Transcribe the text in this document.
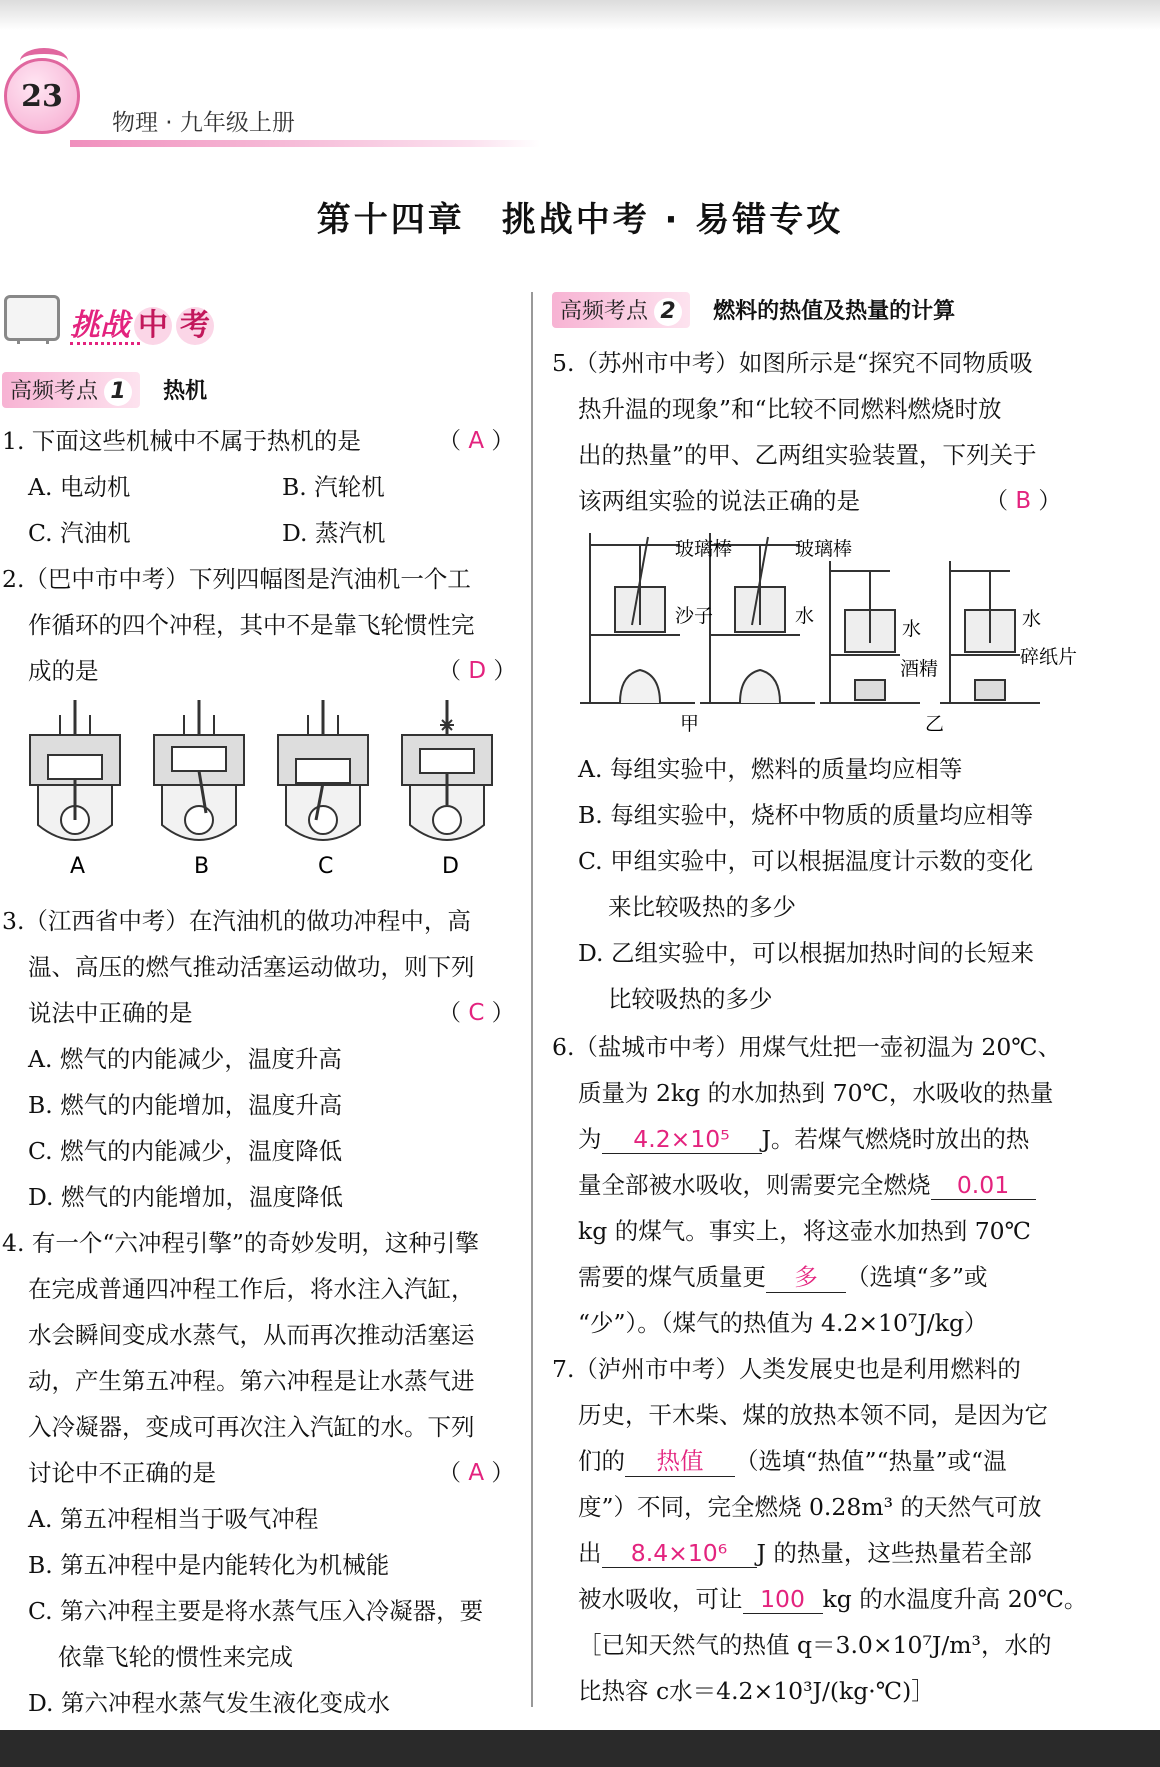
23
物理 · 九年级上册
第十四章　挑战中考 · 易错专攻
挑战 中 考
高频考点 1 热机
1. 下面这些机械中不属于热机的是	（ A ）
A. 电动机	B. 汽轮机
C. 汽油机	D. 蒸汽机
2.（巴中市中考）下列四幅图是汽油机一个工
作循环的四个冲程，其中不是靠飞轮惯性完
成的是	（ D ）
A	B	C	D
3.（江西省中考）在汽油机的做功冲程中，高
温、高压的燃气推动活塞运动做功，则下列
说法中正确的是	（ C ）
A. 燃气的内能减少，温度升高
B. 燃气的内能增加，温度升高
C. 燃气的内能减少，温度降低
D. 燃气的内能增加，温度降低
4. 有一个“六冲程引擎”的奇妙发明，这种引擎
在完成普通四冲程工作后，将水注入汽缸，
水会瞬间变成水蒸气，从而再次推动活塞运
动，产生第五冲程。第六冲程是让水蒸气进
入冷凝器，变成可再次注入汽缸的水。下列
讨论中不正确的是	（ A ）
A. 第五冲程相当于吸气冲程
B. 第五冲程中是内能转化为机械能
C. 第六冲程主要是将水蒸气压入冷凝器，要
依靠飞轮的惯性来完成
D. 第六冲程水蒸气发生液化变成水
高频考点 2 燃料的热值及热量的计算
5.（苏州市中考）如图所示是“探究不同物质吸
热升温的现象”和“比较不同燃料燃烧时放
出的热量”的甲、乙两组实验装置，下列关于
该两组实验的说法正确的是	（ B ）
玻璃棒
沙子
玻璃棒
水
水
酒精
水
碎纸片
甲	乙
A. 每组实验中，燃料的质量均应相等
B. 每组实验中，烧杯中物质的质量均应相等
C. 甲组实验中，可以根据温度计示数的变化
来比较吸热的多少
D. 乙组实验中，可以根据加热时间的长短来
比较吸热的多少
6.（盐城市中考）用煤气灶把一壶初温为 20℃、
质量为 2kg 的水加热到 70℃，水吸收的热量
为 4.2×10⁵ J。若煤气燃烧时放出的热
量全部被水吸收，则需要完全燃烧 0.01
kg 的煤气。事实上，将这壶水加热到 70℃
需要的煤气质量更 多 （选填“多”或
“少”）。（煤气的热值为 4.2×10⁷J/kg）
7.（泸州市中考）人类发展史也是利用燃料的
历史，干木柴、煤的放热本领不同，是因为它
们的 热值 （选填“热值”“热量”或“温
度”）不同，完全燃烧 0.28m³ 的天然气可放
出 8.4×10⁶ J 的热量，这些热量若全部
被水吸收，可让 100 kg 的水温度升高 20℃。
［已知天然气的热值 q＝3.0×10⁷J/m³，水的
比热容 c水＝4.2×10³J/(kg·℃)］
